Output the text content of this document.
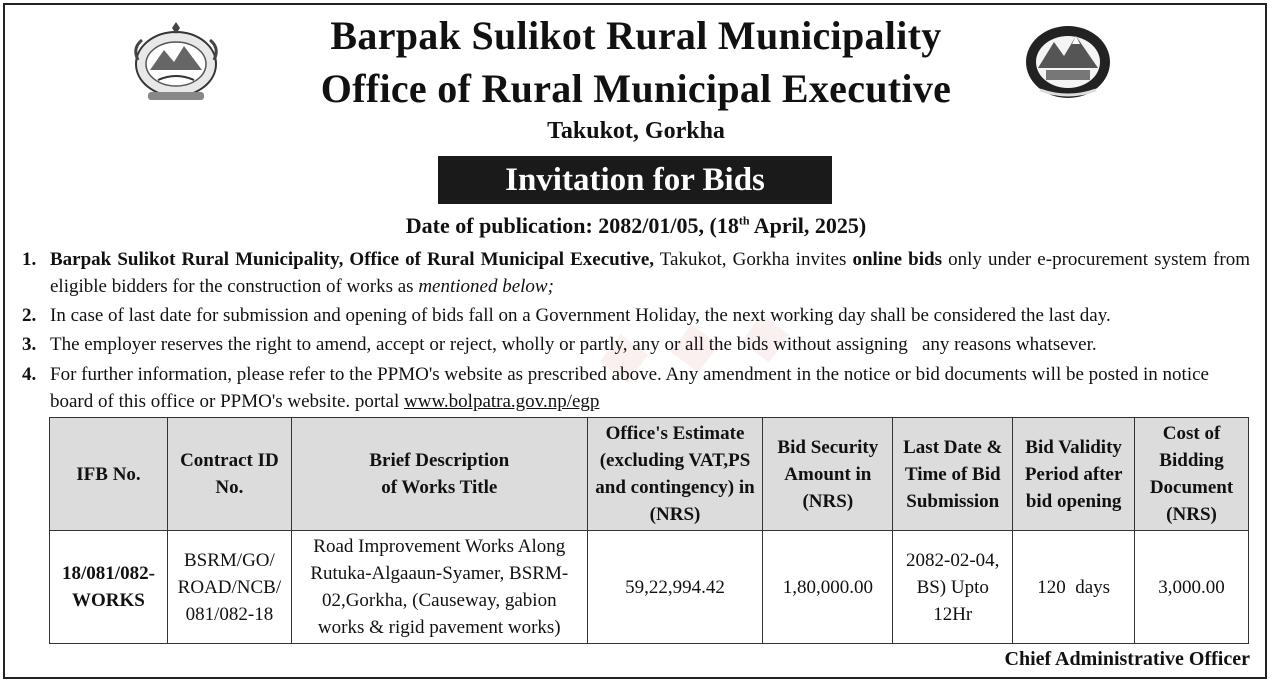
Barpak Sulikot Rural Municipality
Office of Rural Municipal Executive
Takukot, Gorkha
Invitation for Bids
Date of publication: 2082/01/05, (18th April, 2025)
◆ ◆ ◆
1. Barpak Sulikot Rural Municipality, Office of Rural Municipal Executive, Takukot, Gorkha invites online bids only under e-procurement system from eligible bidders for the construction of works as mentioned below;
2. In case of last date for submission and opening of bids fall on a Government Holiday, the next working day shall be considered the last day.
3. The employer reserves the right to amend, accept or reject, wholly or partly, any or all the bids without assigning   any reasons whatsever.
4. For further information, please refer to the PPMO's website as prescribed above. Any amendment in the notice or bid documents will be posted in notice board of this office or PPMO's website. portal www.bolpatra.gov.np/egp
IFB No.	Contract ID No.	Brief Description of Works Title	Office's Estimate (excluding VAT,PS and contingency) in (NRS)	Bid Security Amount in (NRS)	Last Date & Time of Bid Submission	Bid Validity Period after bid opening	Cost of Bidding Document (NRS)
18/081/082-WORKS	BSRM/GO/ ROAD/NCB/ 081/082-18	Road Improvement Works Along Rutuka-Algaaun-Syamer, BSRM-02,Gorkha, (Causeway, gabion works & rigid pavement works)	59,22,994.42	1,80,000.00	2082-02-04, BS) Upto 12Hr	120  days	3,000.00
Chief Administrative Officer
